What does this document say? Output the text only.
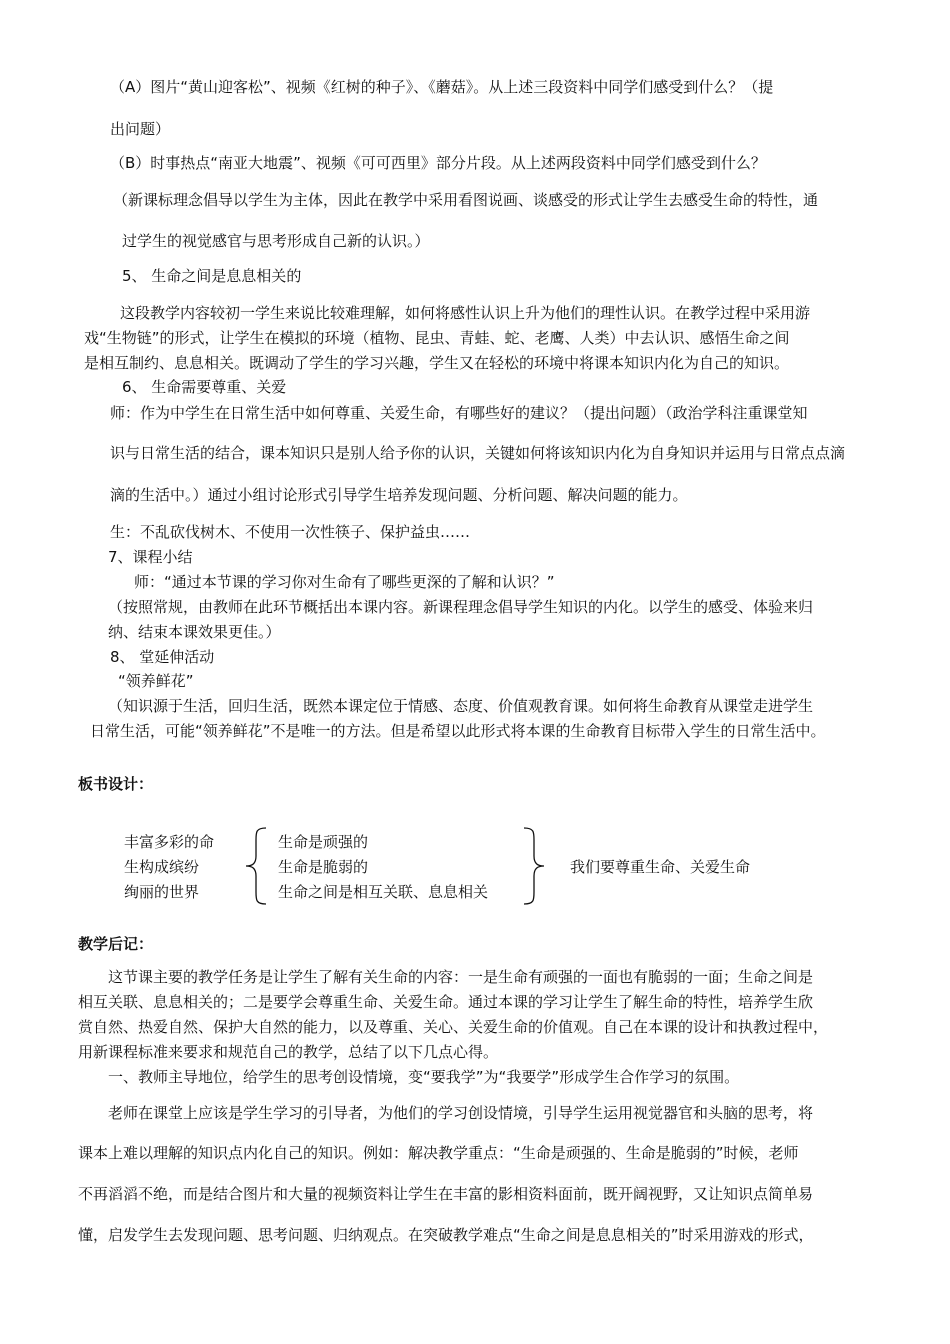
（A）图片“黄山迎客松”、视频《红树的种子》、《蘑菇》。从上述三段资料中同学们感受到什么？（提
出问题）
（B）时事热点“南亚大地震”、视频《可可西里》部分片段。从上述两段资料中同学们感受到什么？
（新课标理念倡导以学生为主体，因此在教学中采用看图说画、谈感受的形式让学生去感受生命的特性，通
过学生的视觉感官与思考形成自己新的认识。）
5、 生命之间是息息相关的
这段教学内容较初一学生来说比较难理解，如何将感性认识上升为他们的理性认识。在教学过程中采用游
戏“生物链”的形式，让学生在模拟的环境（植物、昆虫、青蛙、蛇、老鹰、人类）中去认识、感悟生命之间
是相互制约、息息相关。既调动了学生的学习兴趣，学生又在轻松的环境中将课本知识内化为自己的知识。
6、 生命需要尊重、关爱
师：作为中学生在日常生活中如何尊重、关爱生命，有哪些好的建议？（提出问题）（政治学科注重课堂知
识与日常生活的结合，课本知识只是别人给予你的认识，关键如何将该知识内化为自身知识并运用与日常点点滴
滴的生活中。）通过小组讨论形式引导学生培养发现问题、分析问题、解决问题的能力。
生：不乱砍伐树木、不使用一次性筷子、保护益虫……
7、课程小结
师：“通过本节课的学习你对生命有了哪些更深的了解和认识？”
（按照常规，由教师在此环节概括出本课内容。新课程理念倡导学生知识的内化。以学生的感受、体验来归
纳、结束本课效果更佳。）
8、 堂延伸活动
“领养鲜花”
（知识源于生活，回归生活，既然本课定位于情感、态度、价值观教育课。如何将生命教育从课堂走进学生
日常生活，可能“领养鲜花”不是唯一的方法。但是希望以此形式将本课的生命教育目标带入学生的日常生活中。
板书设计：
丰富多彩的命
生构成缤纷
绚丽的世界
生命是顽强的
生命是脆弱的
生命之间是相互关联、息息相关
我们要尊重生命、关爱生命
教学后记：
这节课主要的教学任务是让学生了解有关生命的内容：一是生命有顽强的一面也有脆弱的一面；生命之间是
相互关联、息息相关的；二是要学会尊重生命、关爱生命。通过本课的学习让学生了解生命的特性，培养学生欣
赏自然、热爱自然、保护大自然的能力，以及尊重、关心、关爱生命的价值观。自己在本课的设计和执教过程中，
用新课程标准来要求和规范自己的教学，总结了以下几点心得。
一、教师主导地位，给学生的思考创设情境，变“要我学”为“我要学”形成学生合作学习的氛围。
老师在课堂上应该是学生学习的引导者，为他们的学习创设情境，引导学生运用视觉器官和头脑的思考，将
课本上难以理解的知识点内化自己的知识。例如：解决教学重点：“生命是顽强的、生命是脆弱的”时候，老师
不再滔滔不绝，而是结合图片和大量的视频资料让学生在丰富的影相资料面前，既开阔视野，又让知识点简单易
懂，启发学生去发现问题、思考问题、归纳观点。在突破教学难点“生命之间是息息相关的”时采用游戏的形式，
